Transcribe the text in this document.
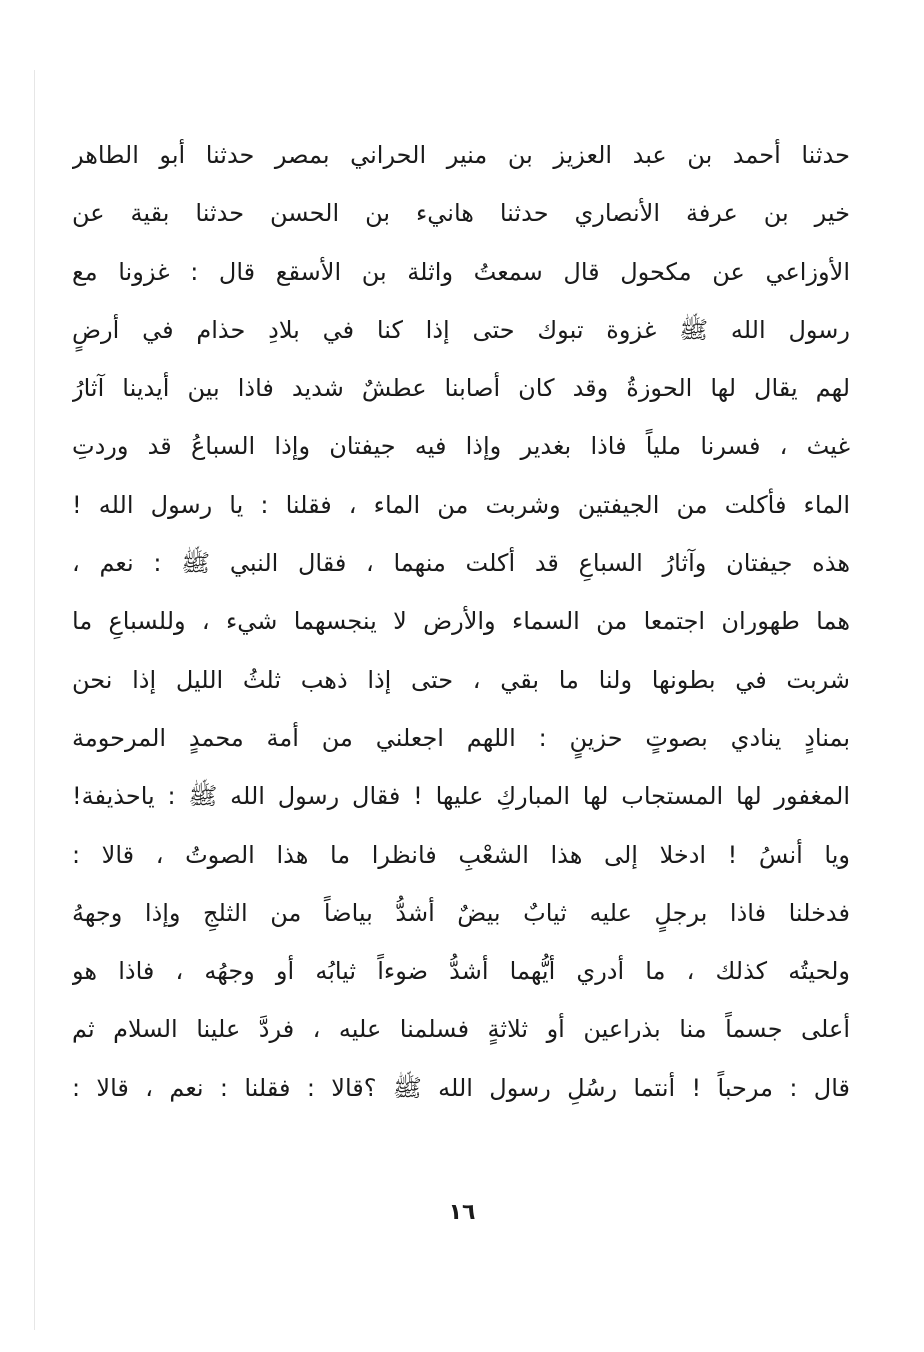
حدثنا أحمد بن عبد العزيز بن منير الحراني بمصر حدثنا أبو الطاهر
خير بن عرفة الأنصاري حدثنا هانيء بن الحسن حدثنا بقية عن
الأوزاعي عن مكحول قال سمعتُ واثلة بن الأسقع قال : غزونا مع
رسول الله ﷺ غزوة تبوك حتى إذا كنا في بلادِ حذام في أرضٍ
لهم يقال لها الحوزةُ وقد كان أصابنا عطشٌ شديد فاذا بين أيدينا آثارُ
غيث ، فسرنا ملياً فاذا بغدير وإذا فيه جيفتان وإذا السباعُ قد وردتِ
الماء فأكلت من الجيفتين وشربت من الماء ، فقلنا : يا رسول الله !
هذه جيفتان وآثارُ السباعِ قد أكلت منهما ، فقال النبي ﷺ : نعم ،
هما طهوران اجتمعا من السماء والأرض لا ينجسهما شيء ، وللسباعِ ما
شربت في بطونها ولنا ما بقي ، حتى إذا ذهب ثلثُ الليل إذا نحن
بمنادٍ ينادي بصوتٍ حزينٍ : اللهم اجعلني من أمة محمدٍ المرحومة
المغفور لها المستجاب لها المباركِ عليها ! فقال رسول الله ﷺ : ياحذيفة!
ويا أنسُ ! ادخلا إلى هذا الشعْبِ فانظرا ما هذا الصوتُ ، قالا :
فدخلنا فاذا برجلٍ عليه ثيابٌ بيضٌ أشدُّ بياضاً من الثلجِ وإذا وجههُ
ولحيتُه كذلك ، ما أدري أيُّهما أشدُّ ضوءاً ثيابُه أو وجهُه ، فاذا هو
أعلى جسماً منا بذراعين أو ثلاثةٍ فسلمنا عليه ، فردَّ علينا السلام ثم
قال : مرحباً ! أنتما رسُلِ رسول الله ﷺ ؟قالا : فقلنا : نعم ، قالا :
١٦
